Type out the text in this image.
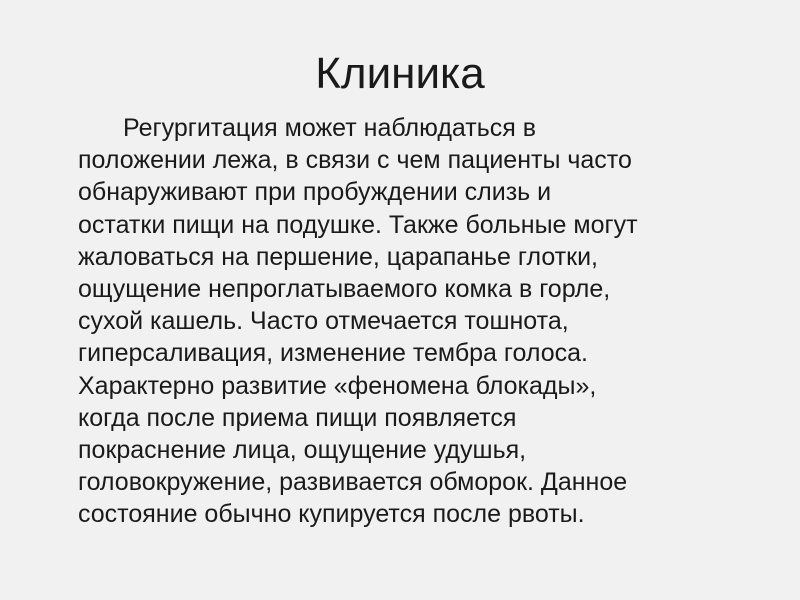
Клиника
Регургитация может наблюдаться в
положении лежа, в связи с чем пациенты часто
обнаруживают при пробуждении слизь и
остатки пищи на подушке. Также больные могут
жаловаться на першение, царапанье глотки,
ощущение непроглатываемого комка в горле,
сухой кашель. Часто отмечается тошнота,
гиперсаливация, изменение тембра голоса.
Характерно развитие «феномена блокады»,
когда после приема пищи появляется
покраснение лица, ощущение удушья,
головокружение, развивается обморок. Данное
состояние обычно купируется после рвоты.
